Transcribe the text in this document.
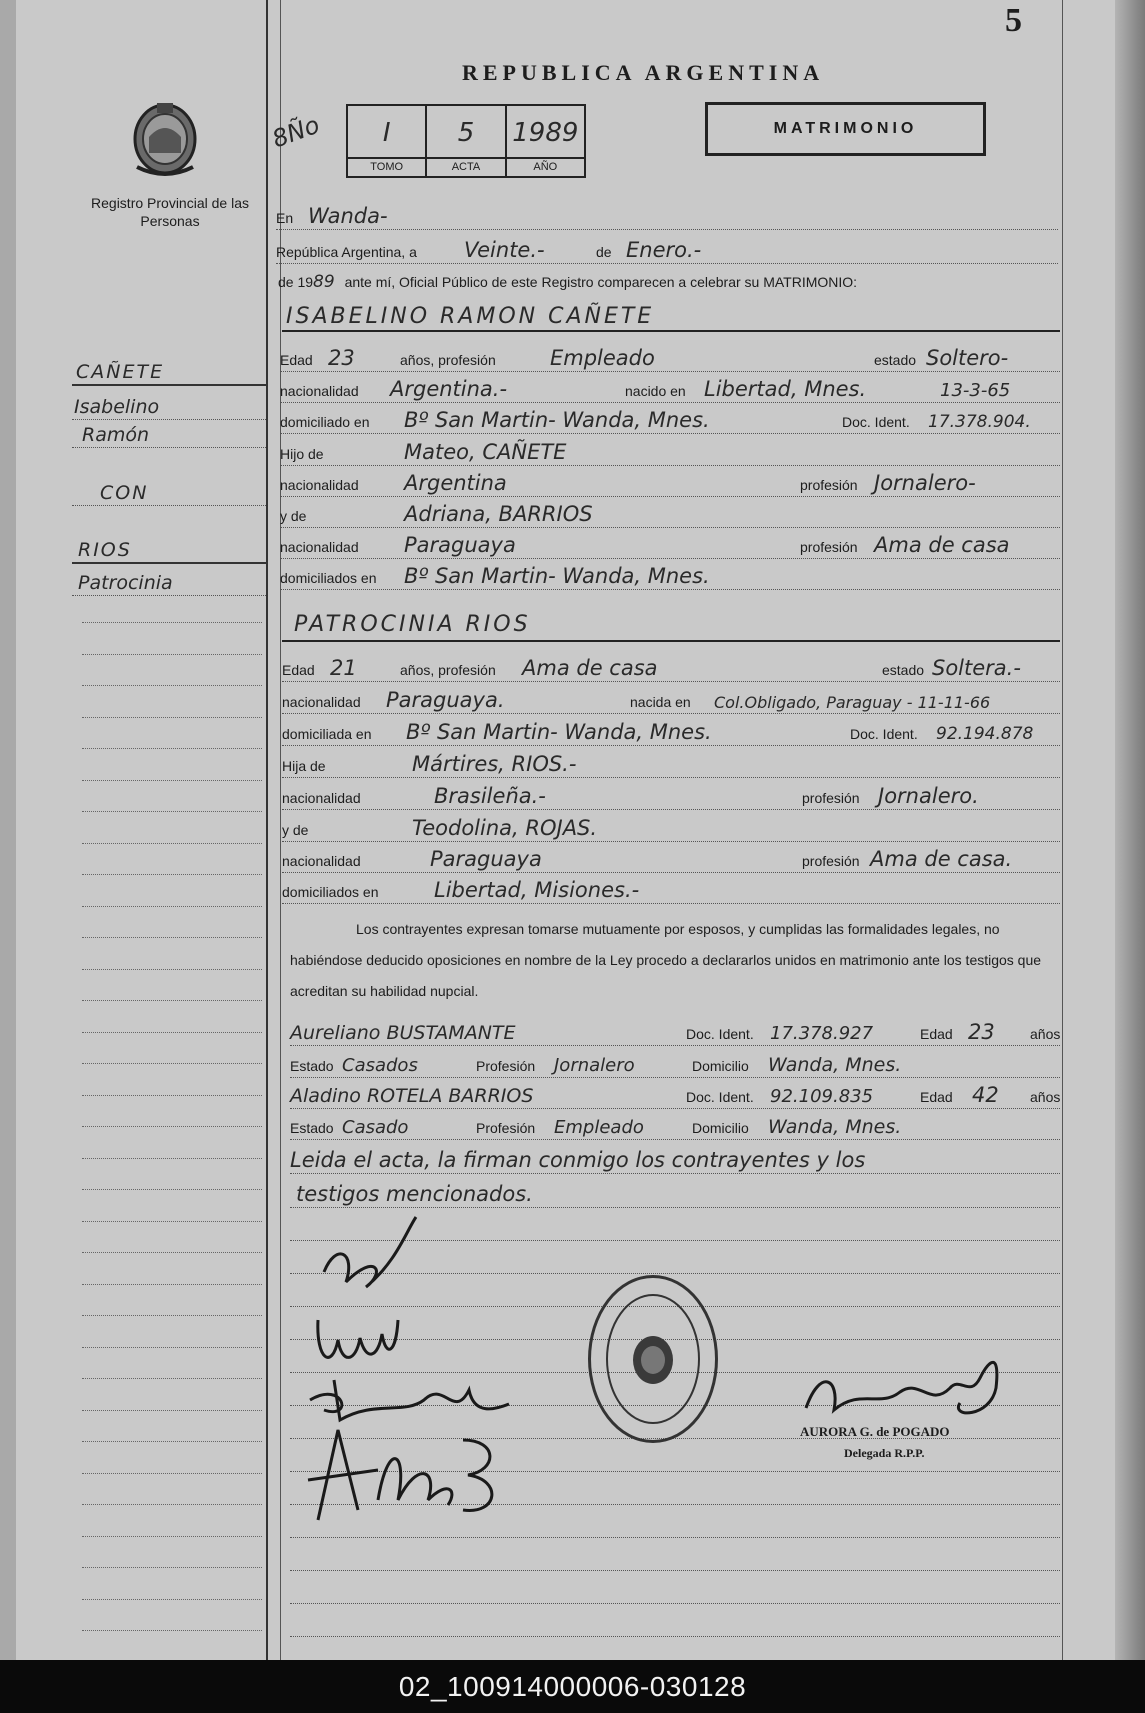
5
REPUBLICA ARGENTINA
Registro Provincial de las Personas
8Ño	I
TOMO
5
ACTA
1989
AÑO
MATRIMONIO
En Wanda-
República Argentina, a Veinte.-	de Enero.-
de 1989 ante mí, Oficial Público de este Registro comparecen a celebrar su MATRIMONIO:
ISABELINO RAMON CAÑETE
Edad 23	años, profesión	Empleado	estado Soltero-
nacionalidad Argentina.-	nacido en Libertad, Mnes.	13-3-65
domiciliado en Bº San Martin- Wanda, Mnes.	Doc. Ident. 17.378.904.
Hijo de	Mateo, CAÑETE
nacionalidad Argentina	profesión Jornalero-
y de	Adriana, BARRIOS
nacionalidad Paraguaya	profesión Ama de casa
domiciliados en Bº San Martin- Wanda, Mnes.
PATROCINIA RIOS
Edad 21	años, profesión Ama de casa	estado Soltera.-
nacionalidad Paraguaya.	nacida en Col.Obligado, Paraguay - 11-11-66
domiciliada en Bº San Martin- Wanda, Mnes.	Doc. Ident. 92.194.878
Hija de	Mártires, RIOS.-
nacionalidad	Brasileña.-	profesión Jornalero.
y de	Teodolina, ROJAS.
nacionalidad	Paraguaya	profesión Ama de casa.
domiciliados en	Libertad, Misiones.-
Los contrayentes expresan tomarse mutuamente por esposos, y cumplidas las formalidades legales, no habiéndose deducido oposiciones en nombre de la Ley procedo a declararlos unidos en matrimonio ante los testigos que acreditan su habilidad nupcial.
Aureliano BUSTAMANTE	Doc. Ident. 17.378.927	Edad 23	años
Estado Casados	Profesión Jornalero	Domicilio Wanda, Mnes.
Aladino ROTELA BARRIOS	Doc. Ident. 92.109.835	Edad 42 años
Estado Casado	Profesión Empleado	Domicilio Wanda, Mnes.
Leida el acta, la firman conmigo los contrayentes y los
testigos mencionados.
CAÑETE
Isabelino
Ramón
CON
RIOS
Patrocinia
AURORA G. de POGADO
Delegada R.P.P.
02_100914000006-030128
